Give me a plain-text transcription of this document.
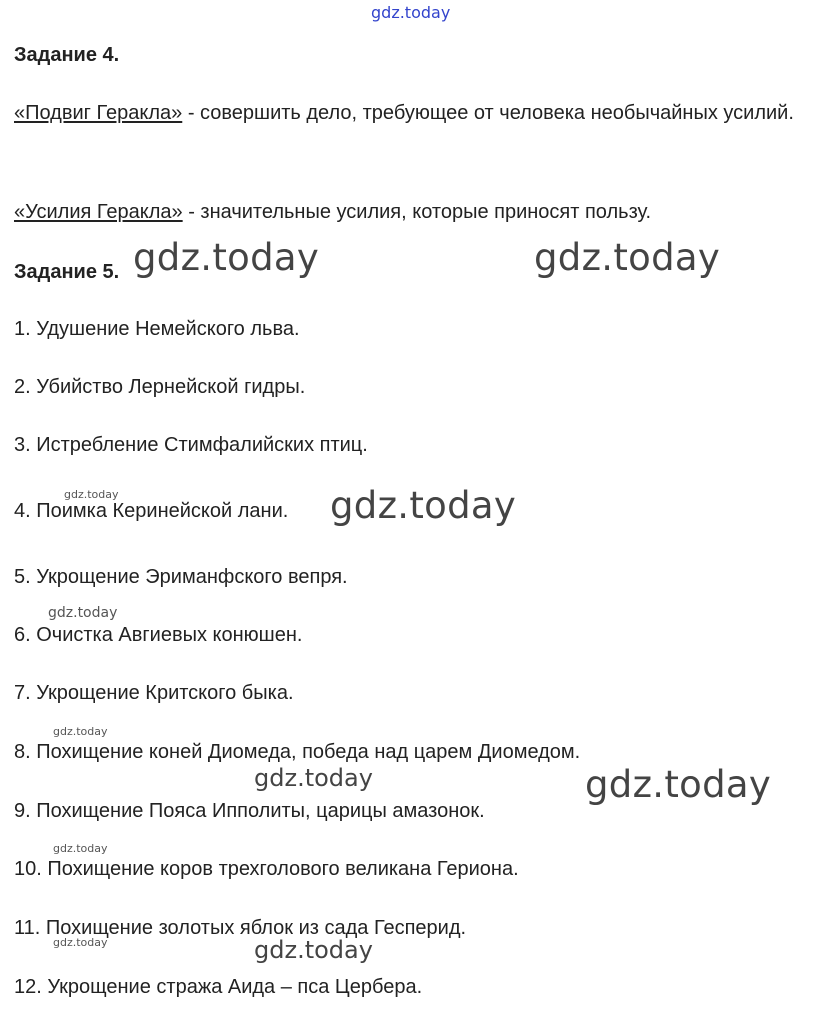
gdz.today
Задание 4.
«Подвиг Геракла» - совершить дело, требующее от человека необычайных усилий.
«Усилия Геракла» - значительные усилия, которые приносят пользу.
Задание 5.
1. Удушение Немейского льва.
2. Убийство Лернейской гидры.
3. Истребление Стимфалийских птиц.
4. Поимка Керинейской лани.
5. Укрощение Эриманфского вепря.
6. Очистка Авгиевых конюшен.
7. Укрощение Критского быка.
8. Похищение коней Диомеда, победа над царем Диомедом.
9. Похищение Пояса Ипполиты, царицы амазонок.
10. Похищение коров трехголового великана Гериона.
11. Похищение золотых яблок из сада Гесперид.
12. Укрощение стража Аида – пса Цербера.
gdz.today	gdz.today
gdz.today
gdz.today
gdz.today
gdz.today
gdz.today
gdz.today
gdz.today
gdz.today
gdz.today
